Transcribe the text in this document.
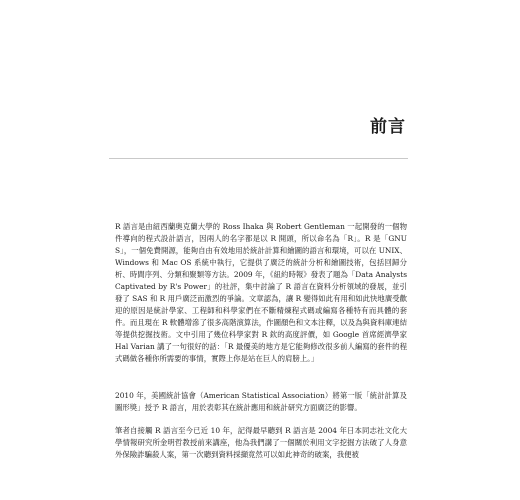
前言

R 語言是由紐西蘭奧克蘭大學的 Ross Ihaka 與 Robert Gentleman 一起開發的一個物件導向的程式設計語言，因兩人的名字都是以 R 開頭，所以命名為「R」。R 是「GNU S」，一個免費開源，能夠自由有效地用於統計計算和繪圖的語言和環境，可以在 UNIX、Windows 和 Mac OS 系統中執行，它提供了廣泛的統計分析和繪圖技術，包括回歸分析、時間序列、分類和聚類等方法。2009 年，《紐約時報》發表了題為「Data Analysts Captivated by R's Power」的社評，集中討論了 R 語言在資料分析領域的發展，並引發了 SAS 和 R 用戶廣泛而激烈的爭論。文章認為，讓 R 變得如此有用和如此快地廣受歡迎的原因是統計學家、工程師和科學家們在不斷精煉程式碼或編寫各種特有而具體的套件。而且現在 R 軟體增滲了很多高階演算法，作圖顏色和文本注釋，以及為與資料庫連結等提供挖掘技術。文中引用了幾位科學家對 R 欽的高度評價，如 Google 首席經濟學家 Hal Varian 講了一句很好的話：「R 最優美的地方是它能夠修改很多前人編寫的套件的程式碼做各種你所需要的事情，實際上你是站在巨人的肩膀上。」

2010 年，美國統計協會（American Statistical Association）將第一版「統計計算及圖形獎」授予 R 語言，用於表彰其在統計應用和統計研究方面廣泛的影響。

筆者自接觸 R 語言至今已近 10 年，記得最早聽到 R 語言是 2004 年日本同志社文化大學情報研究所金明哲教授前來講座，他為我們講了一個關於利用文字挖掘方法破了人身意外保險詐騙殺人案，第一次聽到資料採擷竟然可以如此神奇的破案，我便被
